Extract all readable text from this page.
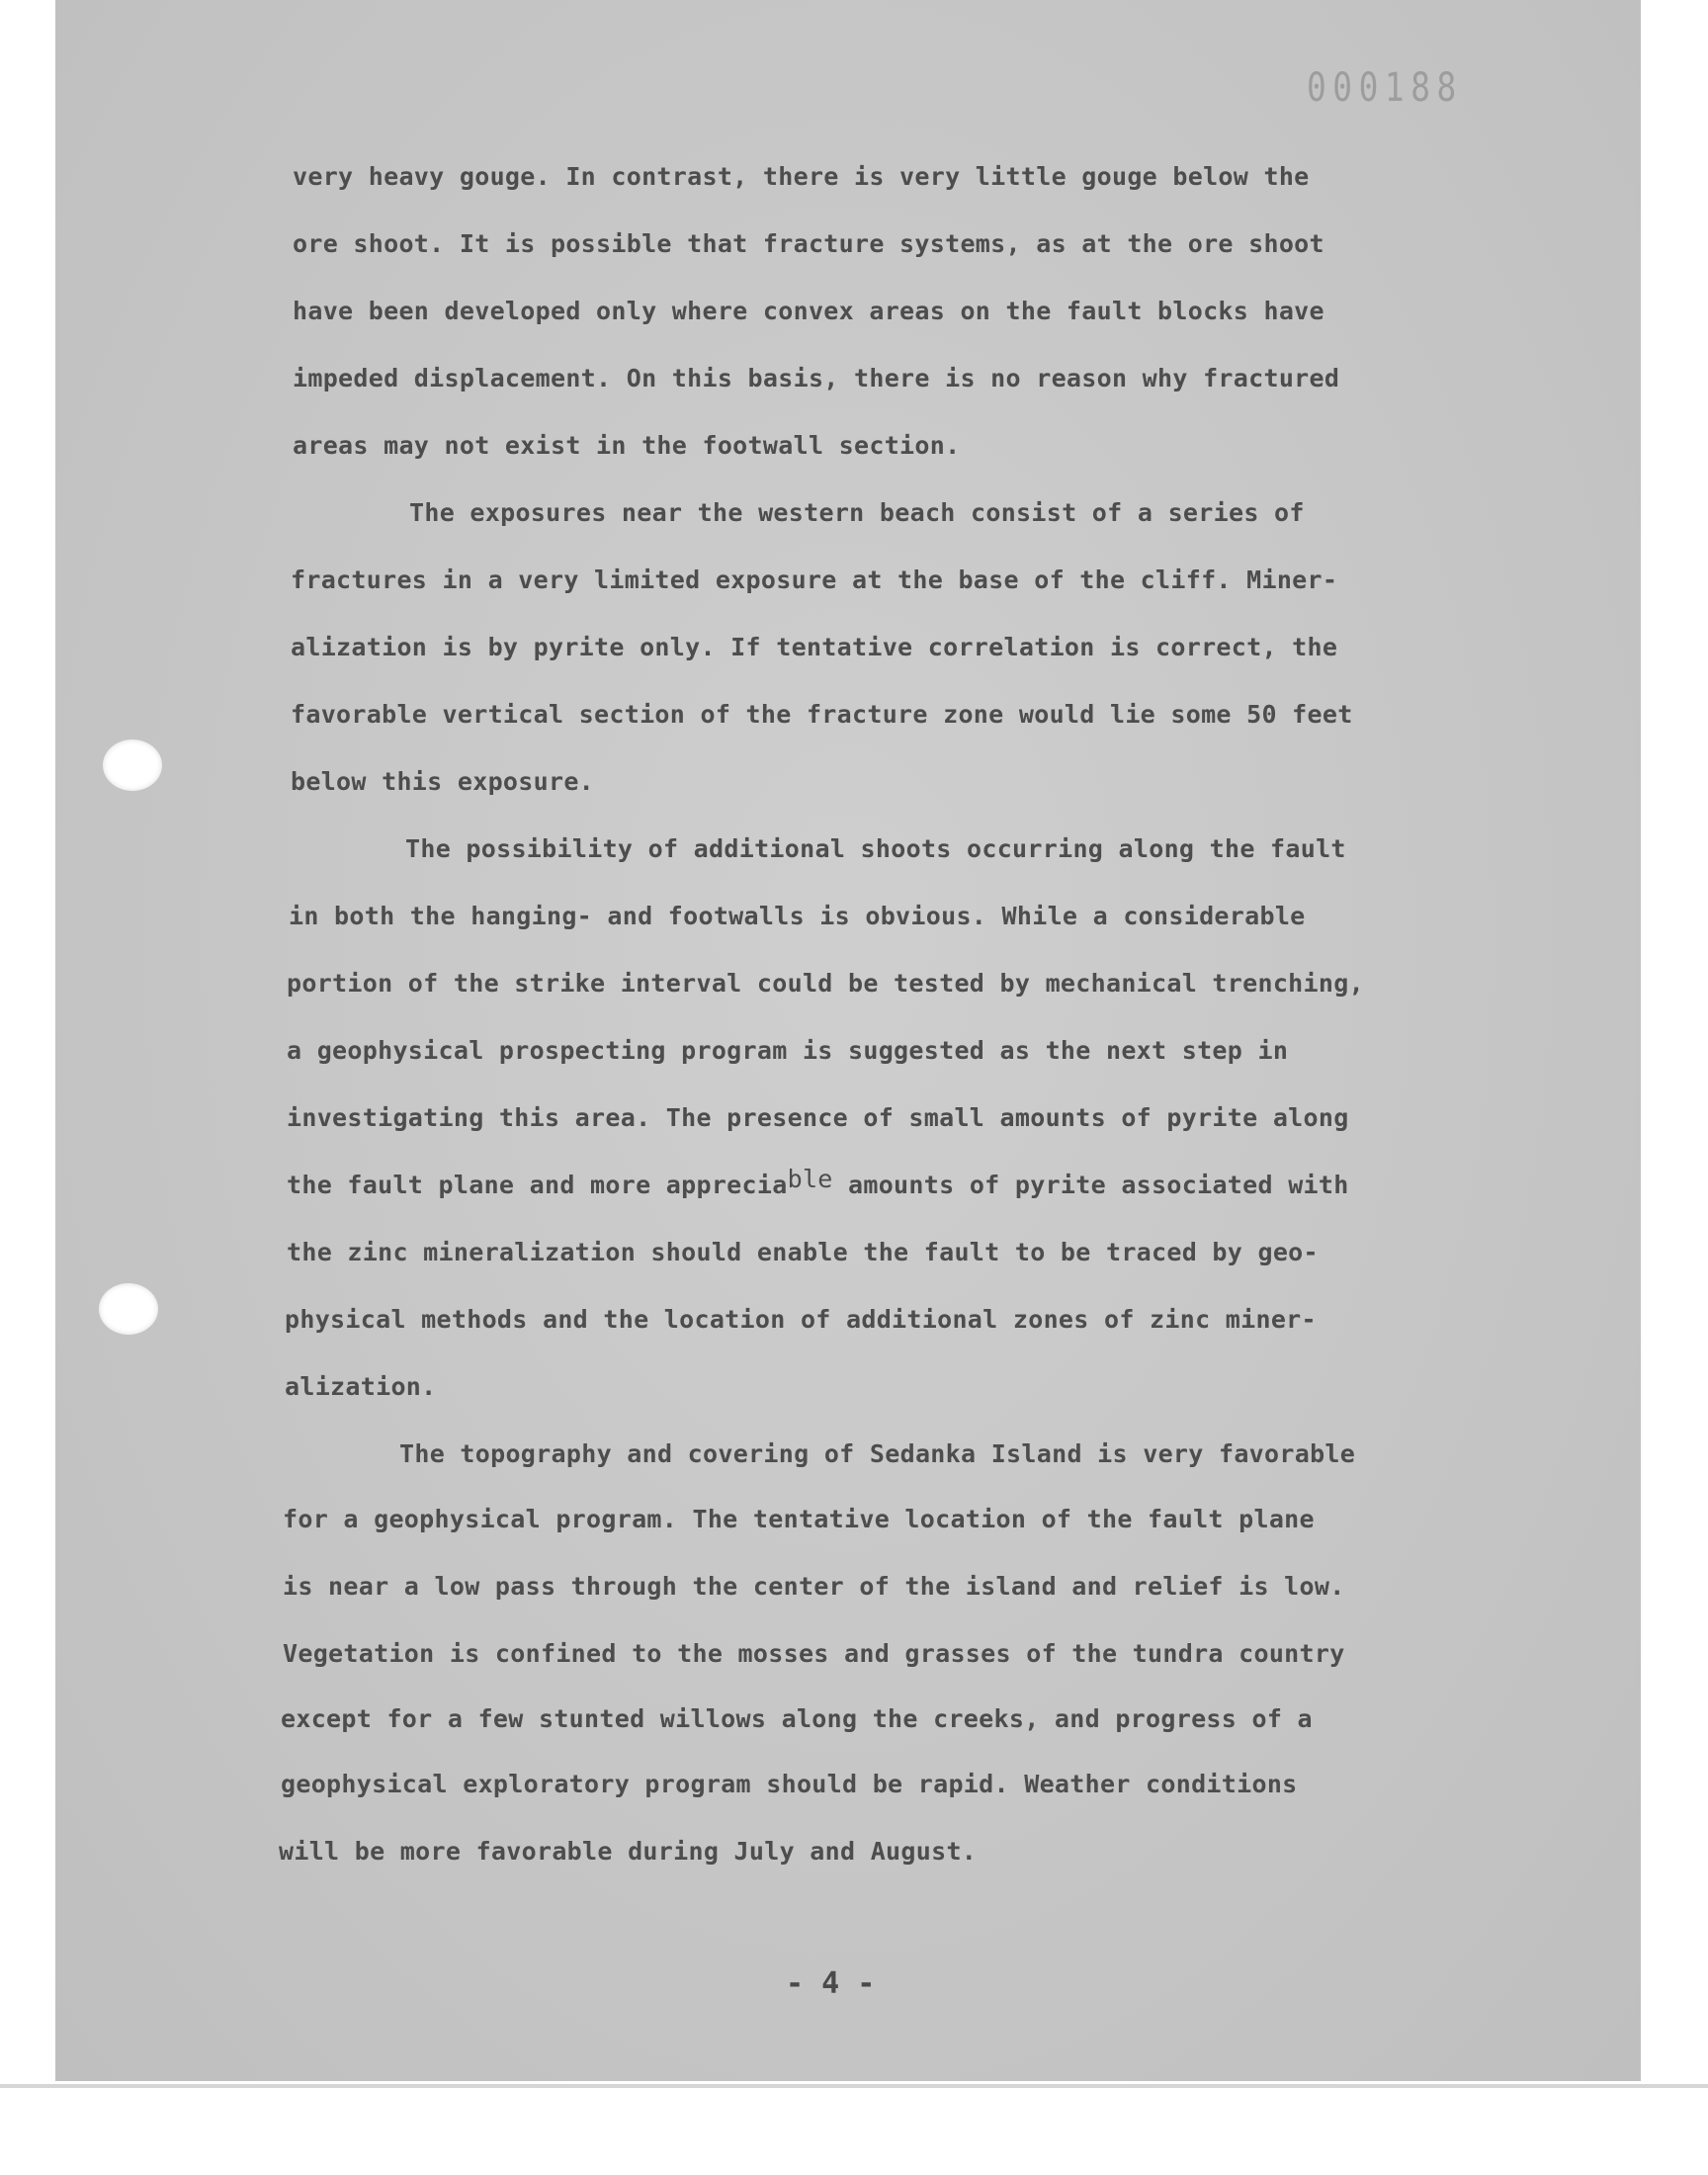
000188
very heavy gouge. In contrast, there is very little gouge below the
ore shoot. It is possible that fracture systems, as at the ore shoot
have been developed only where convex areas on the fault blocks have
impeded displacement. On this basis, there is no reason why fractured
areas may not exist in the footwall section.
The exposures near the western beach consist of a series of
fractures in a very limited exposure at the base of the cliff. Miner-
alization is by pyrite only. If tentative correlation is correct, the
favorable vertical section of the fracture zone would lie some 50 feet
below this exposure.
The possibility of additional shoots occurring along the fault
in both the hanging- and footwalls is obvious. While a considerable
portion of the strike interval could be tested by mechanical trenching,
a geophysical prospecting program is suggested as the next step in
investigating this area. The presence of small amounts of pyrite along
the fault plane and more appreciable amounts of pyrite associated with
the zinc mineralization should enable the fault to be traced by geo-
physical methods and the location of additional zones of zinc miner-
alization.
The topography and covering of Sedanka Island is very favorable
for a geophysical program. The tentative location of the fault plane
is near a low pass through the center of the island and relief is low.
Vegetation is confined to the mosses and grasses of the tundra country
except for a few stunted willows along the creeks, and progress of a
geophysical exploratory program should be rapid. Weather conditions
will be more favorable during July and August.
- 4 -
